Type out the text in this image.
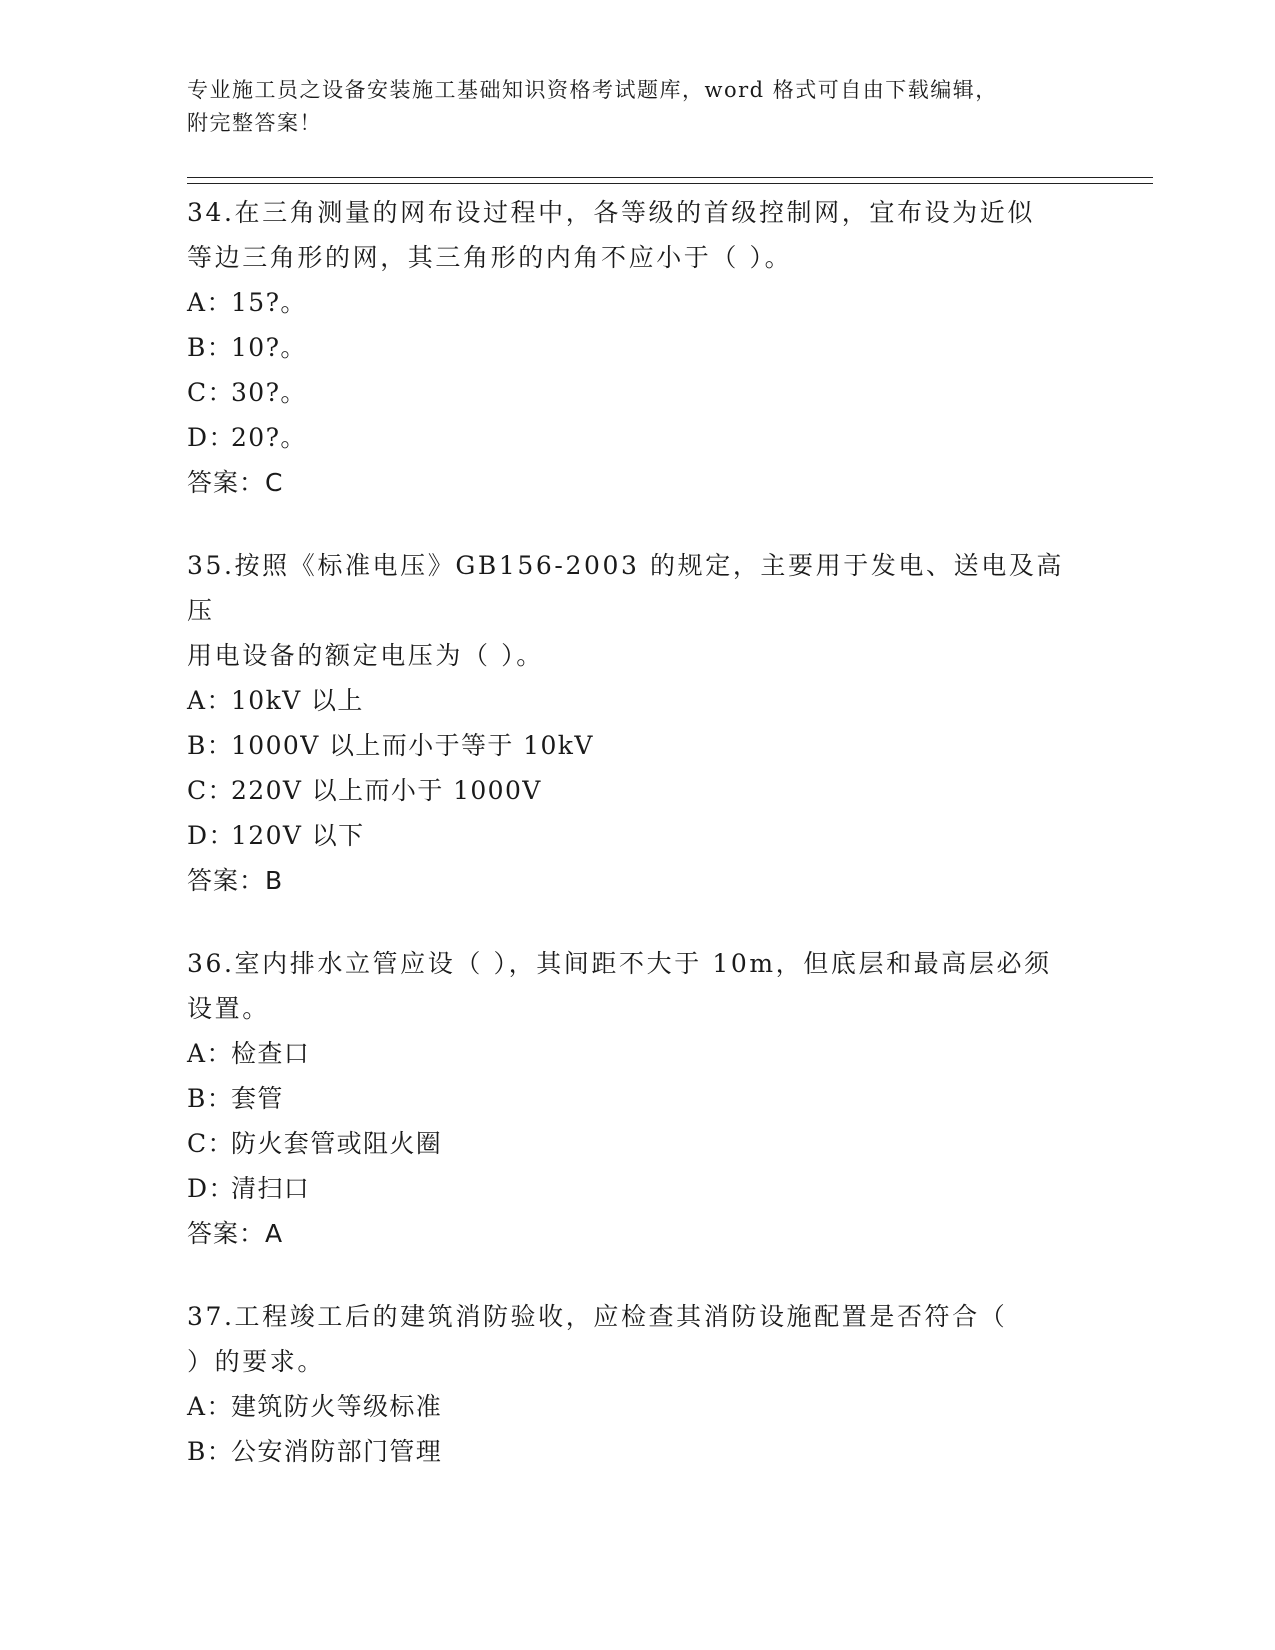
专业施工员之设备安装施工基础知识资格考试题库，word 格式可自由下载编辑，
附完整答案！

34.在三角测量的网布设过程中，各等级的首级控制网，宜布设为近似

等边三角形的网，其三角形的内角不应小于（ ）。

A：15?。

B：10?。

C：30?。

D：20?。

答案：C

35.按照《标准电压》GB156-2003 的规定，主要用于发电、送电及高压

用电设备的额定电压为（ ）。

A：10kV 以上

B：1000V 以上而小于等于 10kV

C：220V 以上而小于 1000V

D：120V 以下

答案：B

36.室内排水立管应设（ ），其间距不大于 10m，但底层和最高层必须

设置。

A：检查口

B：套管

C：防火套管或阻火圈

D：清扫口

答案：A

37.工程竣工后的建筑消防验收，应检查其消防设施配置是否符合（

）的要求。

A：建筑防火等级标准

B：公安消防部门管理
